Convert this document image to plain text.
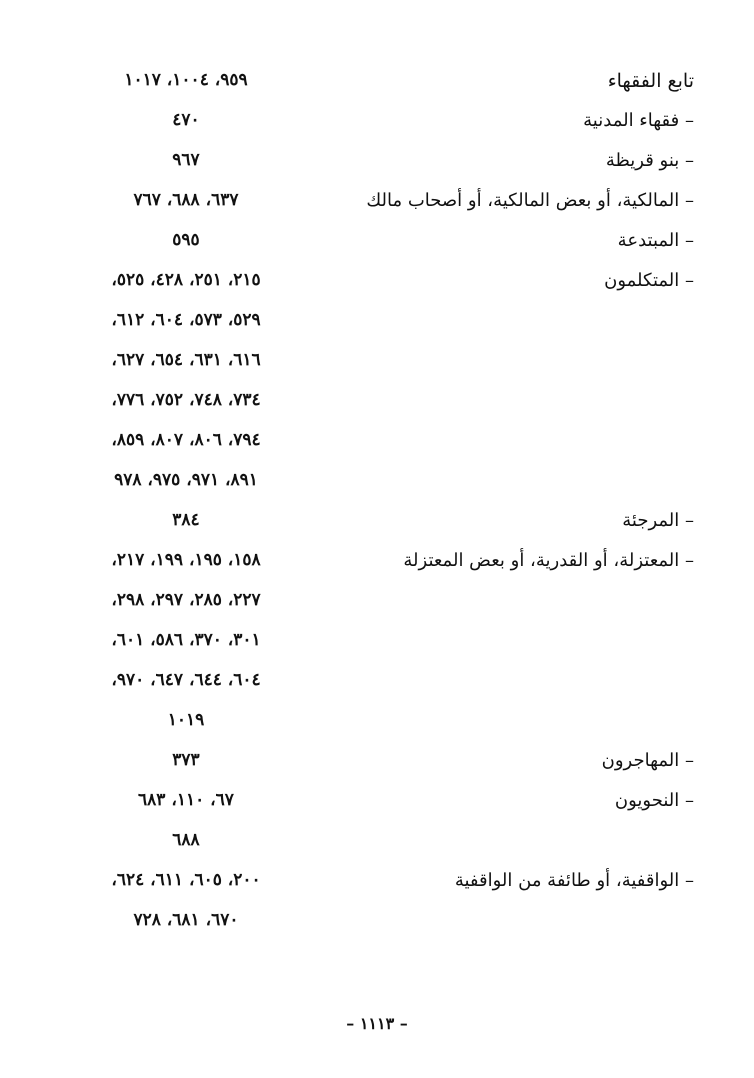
تابع الفقهاء
٩٥٩، ١٠٠٤، ١٠١٧
– فقهاء المدنية
٤٧٠
– بنو قريظة
٩٦٧
– المالكية، أو بعض المالكية، أو أصحاب مالك
٦٣٧، ٦٨٨، ٧٦٧
– المبتدعة
٥٩٥
– المتكلمون
٢١٥، ٢٥١، ٤٢٨، ٥٢٥،
٥٢٩، ٥٧٣، ٦٠٤، ٦١٢،
٦١٦، ٦٣١، ٦٥٤، ٦٢٧،
٧٣٤، ٧٤٨، ٧٥٢، ٧٧٦،
٧٩٤، ٨٠٦، ٨٠٧، ٨٥٩،
٨٩١، ٩٧١، ٩٧٥، ٩٧٨
– المرجئة
٣٨٤
– المعتزلة، أو القدرية، أو بعض المعتزلة
١٥٨، ١٩٥، ١٩٩، ٢١٧،
٢٢٧، ٢٨٥، ٢٩٧، ٢٩٨،
٣٠١، ٣٧٠، ٥٨٦، ٦٠١،
٦٠٤، ٦٤٤، ٦٤٧، ٩٧٠،
١٠١٩
– المهاجرون
٣٧٣
– النحويون
٦٧، ١١٠، ٦٨٣
٦٨٨
– الواقفية، أو طائفة من الواقفية
٢٠٠، ٦٠٥، ٦١١، ٦٢٤،
٦٧٠، ٦٨١، ٧٢٨
– ١١١٣ –
